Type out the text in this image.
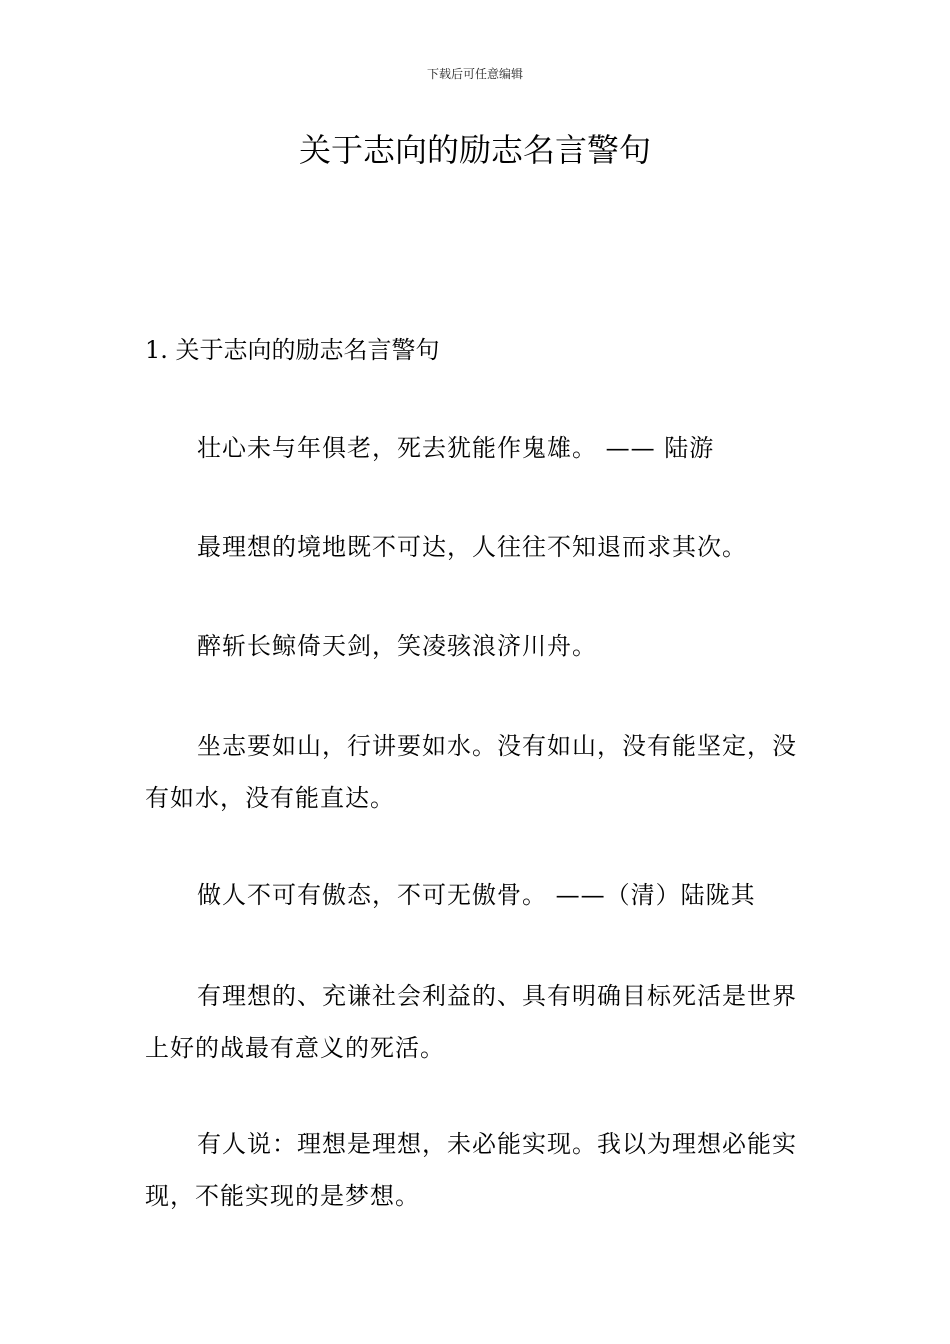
下载后可任意编辑
关于志向的励志名言警句
1. 关于志向的励志名言警句

壮心未与年俱老，死去犹能作鬼雄。 —— 陆游

最理想的境地既不可达，人往往不知退而求其次。

醉斩长鲸倚天剑，笑凌骇浪济川舟。

坐志要如山，行讲要如水。没有如山，没有能坚定，没有如水，没有能直达。

做人不可有傲态，不可无傲骨。 ——（清）陆陇其

有理想的、充谦社会利益的、具有明确目标死活是世界上好的战最有意义的死活。

有人说：理想是理想，未必能实现。我以为理想必能实现，不能实现的是梦想。
